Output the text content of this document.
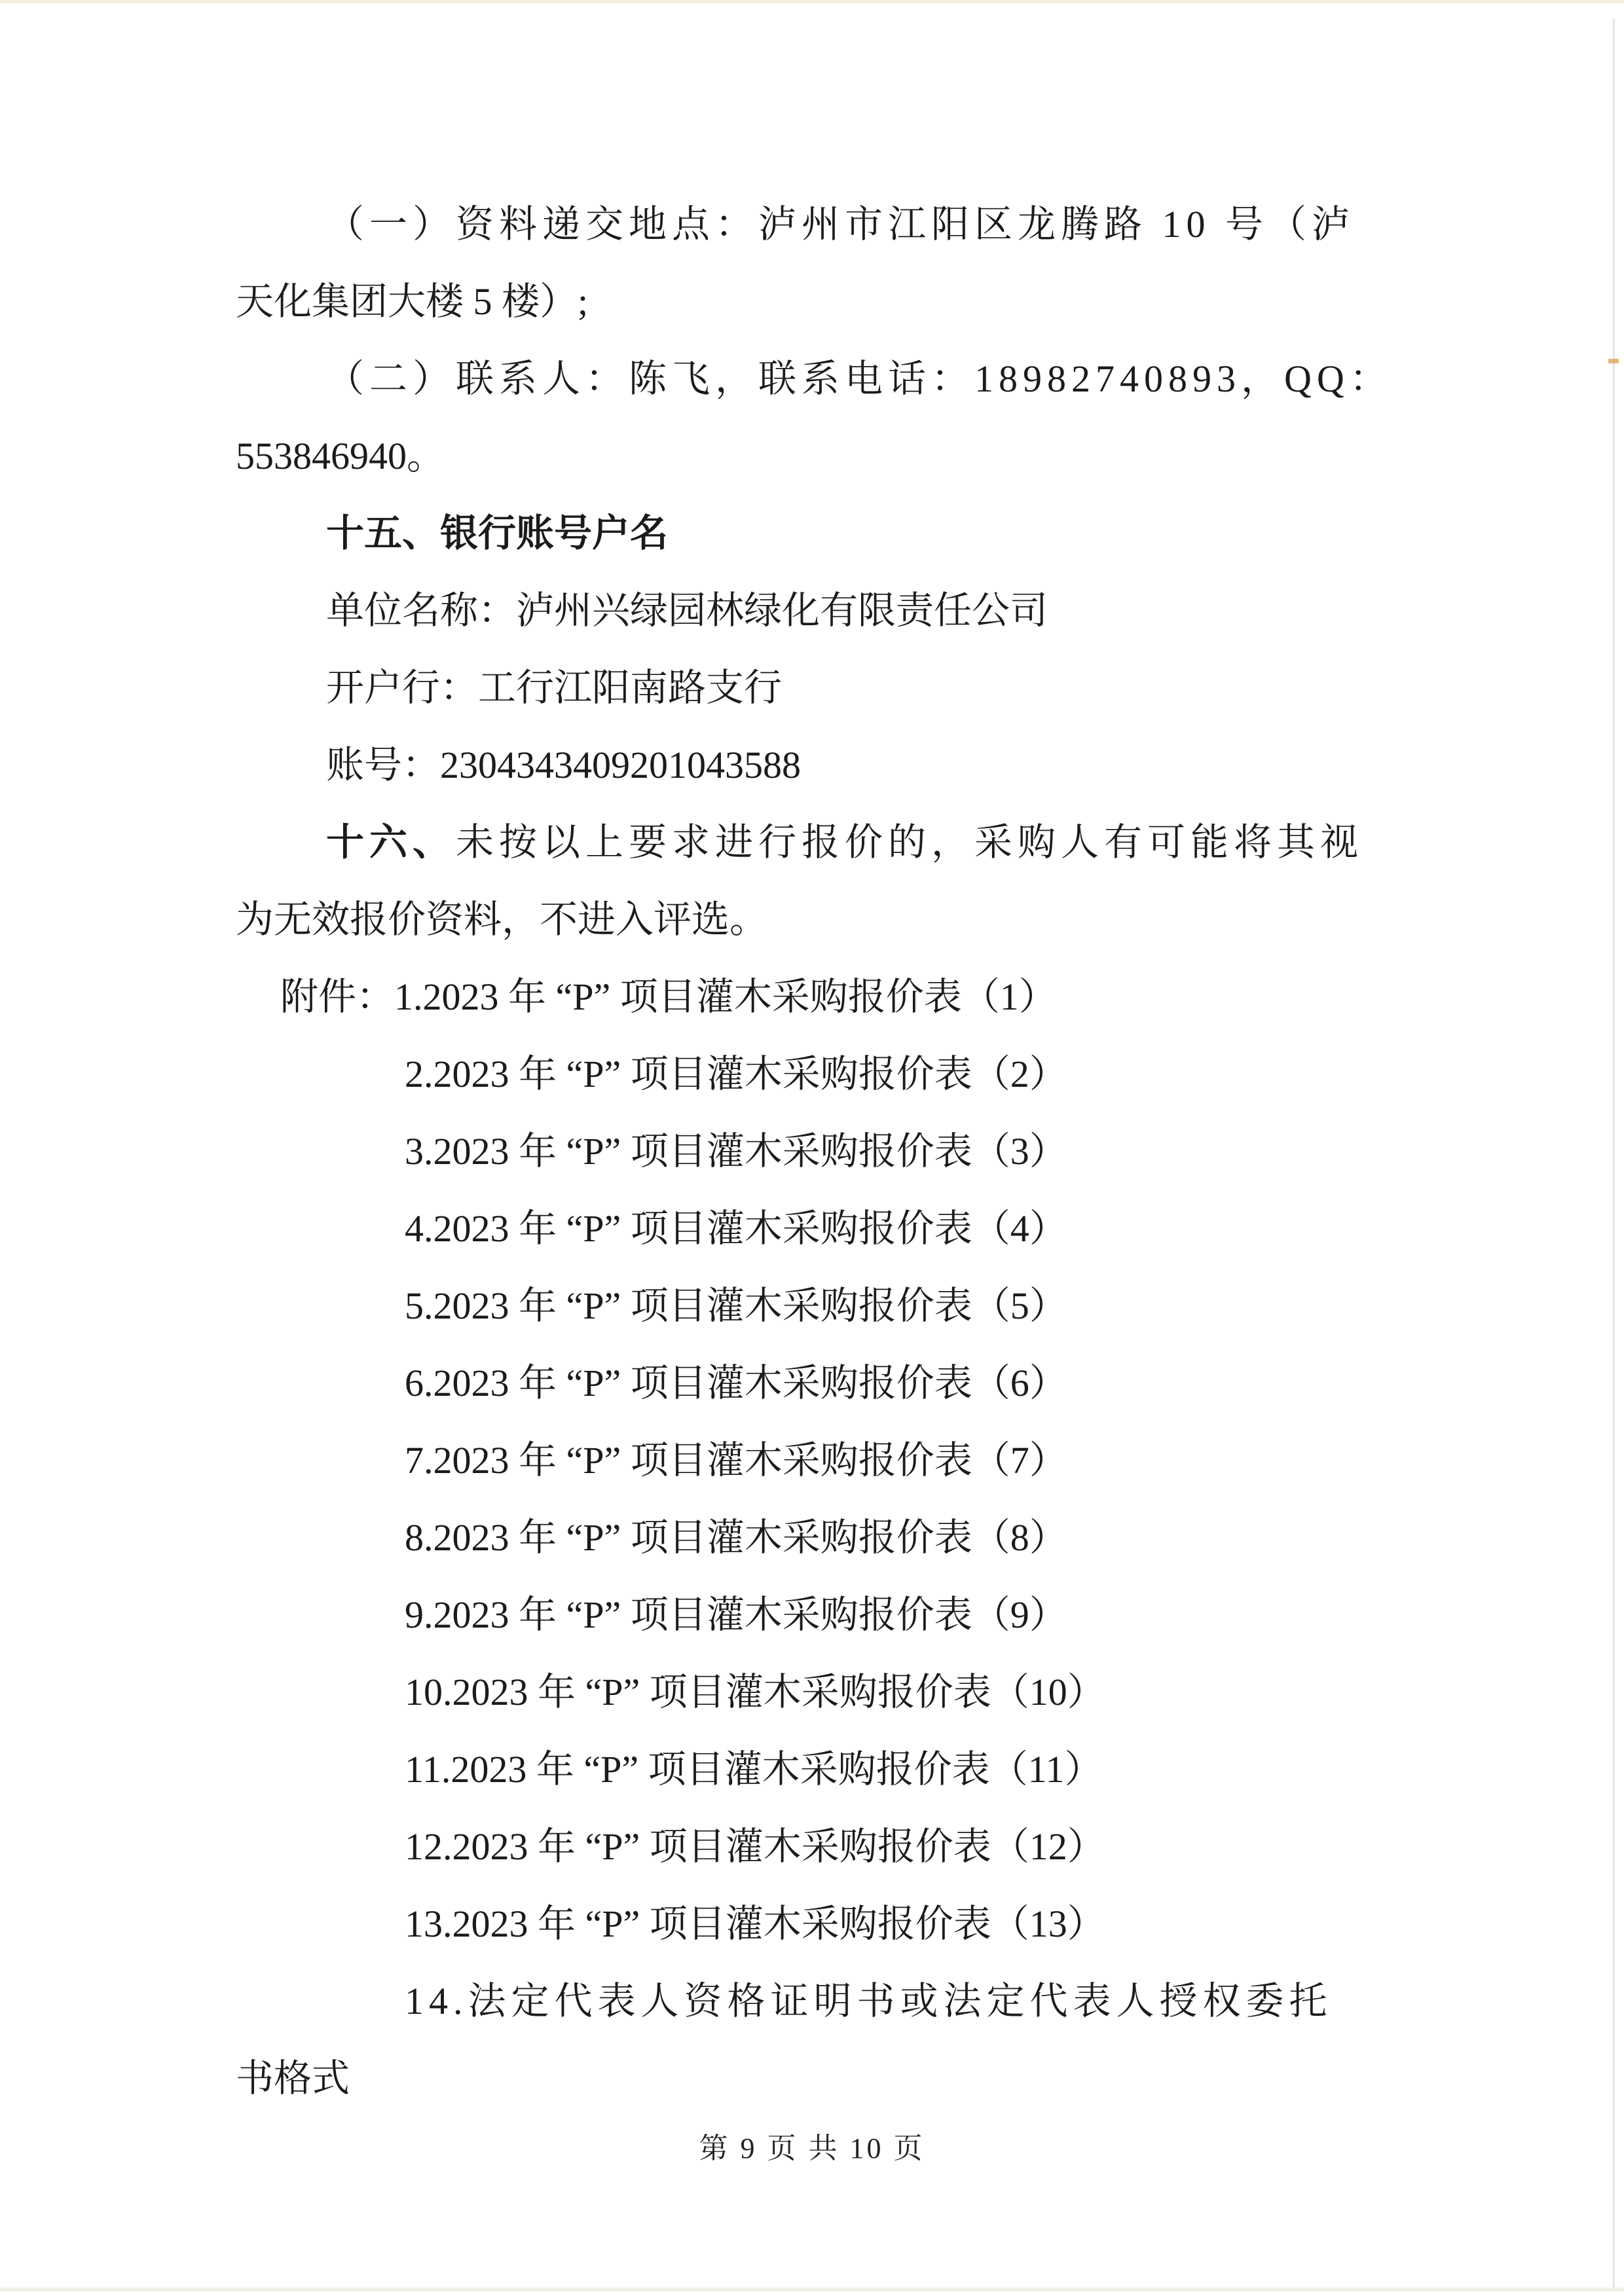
（一）资料递交地点：泸州市江阳区龙腾路 10 号（泸
天化集团大楼 5 楼）;
（二）联系人：陈飞，联系电话：18982740893，QQ：
553846940。
十五、银行账号户名
单位名称：泸州兴绿园林绿化有限责任公司
开户行：工行江阳南路支行
账号：2304343409201043588
十六、未按以上要求进行报价的，采购人有可能将其视
为无效报价资料，不进入评选。
附件：1.2023 年 “P” 项目灌木采购报价表（1）
2.2023 年 “P” 项目灌木采购报价表（2）
3.2023 年 “P” 项目灌木采购报价表（3）
4.2023 年 “P” 项目灌木采购报价表（4）
5.2023 年 “P” 项目灌木采购报价表（5）
6.2023 年 “P” 项目灌木采购报价表（6）
7.2023 年 “P” 项目灌木采购报价表（7）
8.2023 年 “P” 项目灌木采购报价表（8）
9.2023 年 “P” 项目灌木采购报价表（9）
10.2023 年 “P” 项目灌木采购报价表（10）
11.2023 年 “P” 项目灌木采购报价表（11）
12.2023 年 “P” 项目灌木采购报价表（12）
13.2023 年 “P” 项目灌木采购报价表（13）
14.法定代表人资格证明书或法定代表人授权委托
书格式
第 9 页 共 10 页
